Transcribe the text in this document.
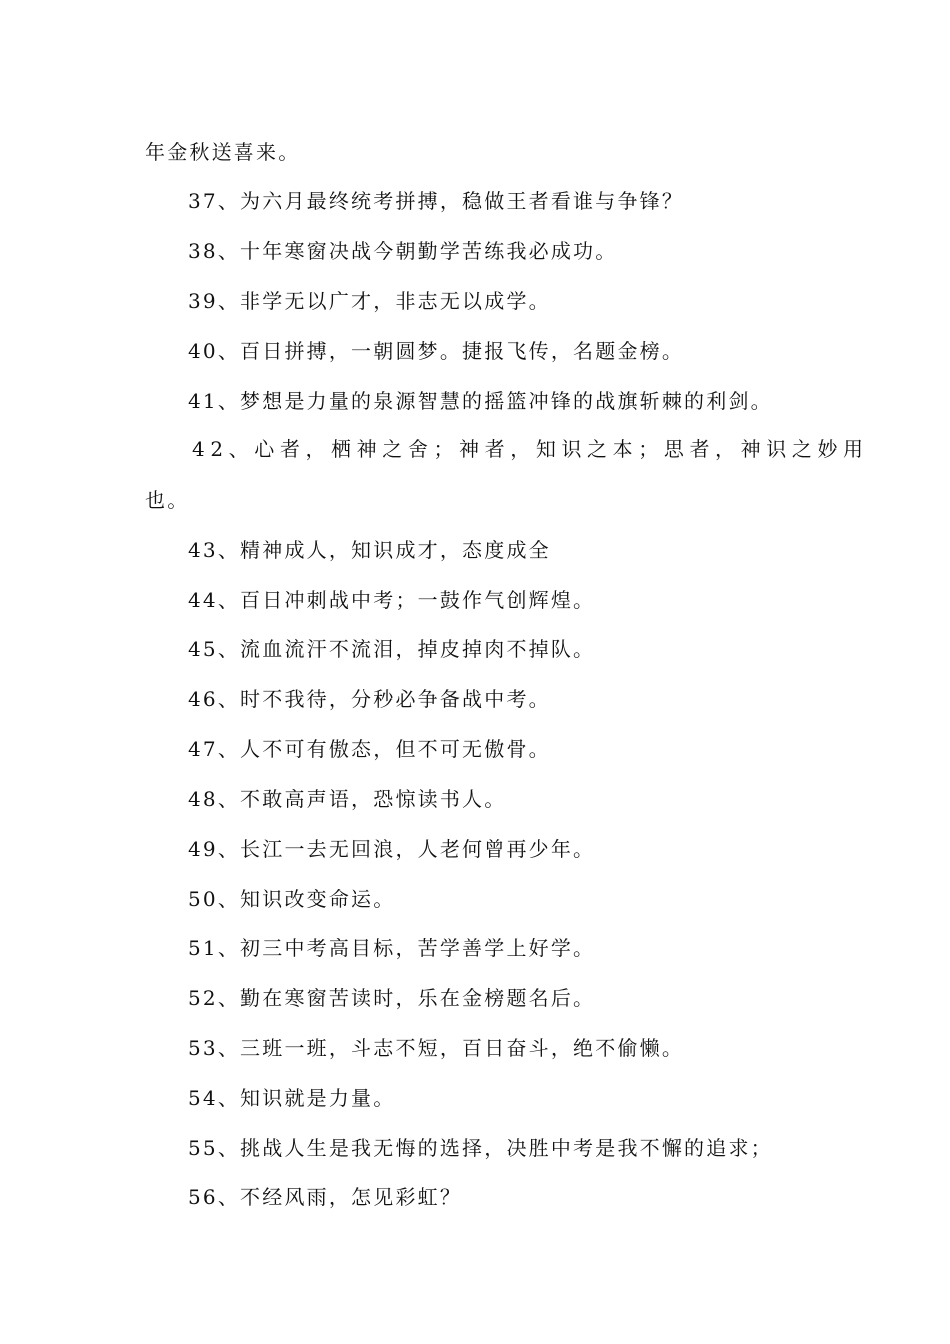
年金秋送喜来。
37、为六月最终统考拼搏，稳做王者看谁与争锋？
38、十年寒窗决战今朝勤学苦练我必成功。
39、非学无以广才，非志无以成学。
40、百日拼搏，一朝圆梦。捷报飞传，名题金榜。
41、梦想是力量的泉源智慧的摇篮冲锋的战旗斩棘的利剑。
42、心者，栖神之舍；神者，知识之本；思者，神识之妙用
也。
43、精神成人，知识成才，态度成全
44、百日冲刺战中考；一鼓作气创辉煌。
45、流血流汗不流泪，掉皮掉肉不掉队。
46、时不我待，分秒必争备战中考。
47、人不可有傲态，但不可无傲骨。
48、不敢高声语，恐惊读书人。
49、长江一去无回浪，人老何曾再少年。
50、知识改变命运。
51、初三中考高目标，苦学善学上好学。
52、勤在寒窗苦读时，乐在金榜题名后。
53、三班一班，斗志不短，百日奋斗，绝不偷懒。
54、知识就是力量。
55、挑战人生是我无悔的选择，决胜中考是我不懈的追求；
56、不经风雨，怎见彩虹？
